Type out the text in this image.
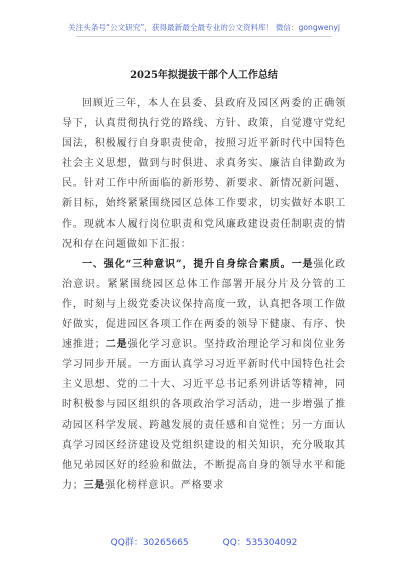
关注头条号“公文研究”，获得最新最全最专业的公文资料库！ 微信：gongwenyj
2025年拟提拔干部个人工作总结

回顾近三年，本人在县委、县政府及园区两委的正确领导下，认真贯彻执行党的路线、方针、政策，自觉遵守党纪国法，积极履行自身职责使命，按照习近平新时代中国特色社会主义思想，做到与时俱进、求真务实、廉洁自律勤政为民。针对工作中所面临的新形势、新要求、新情况新问题、新目标，始终紧紧围绕园区总体工作要求，切实做好本职工作。现就本人履行岗位职责和党风廉政建设责任制职责的情况和存在问题做如下汇报：

一、强化“三种意识”，提升自身综合素质。一是强化政治意识。紧紧围绕园区总体工作部署开展分片及分管的工作，时刻与上级党委决议保持高度一致，认真把各项工作做好做实，促进园区各项工作在两委的领导下健康、有序、快速推进；二是强化学习意识。坚持政治理论学习和岗位业务学习同步开展。一方面认真学习习近平新时代中国特色社会主义思想、党的二十大、习近平总书记系列讲话等精神，同时积极参与园区组织的各项政治学习活动，进一步增强了推动园区科学发展、跨越发展的责任感和自觉性；另一方面认真学习园区经济建设及党组织建设的相关知识，充分吸取其他兄弟园区好的经验和做法，不断提高自身的领导水平和能力；三是强化榜样意识。严格要求

QQ群：30265665	QQ：535304092
